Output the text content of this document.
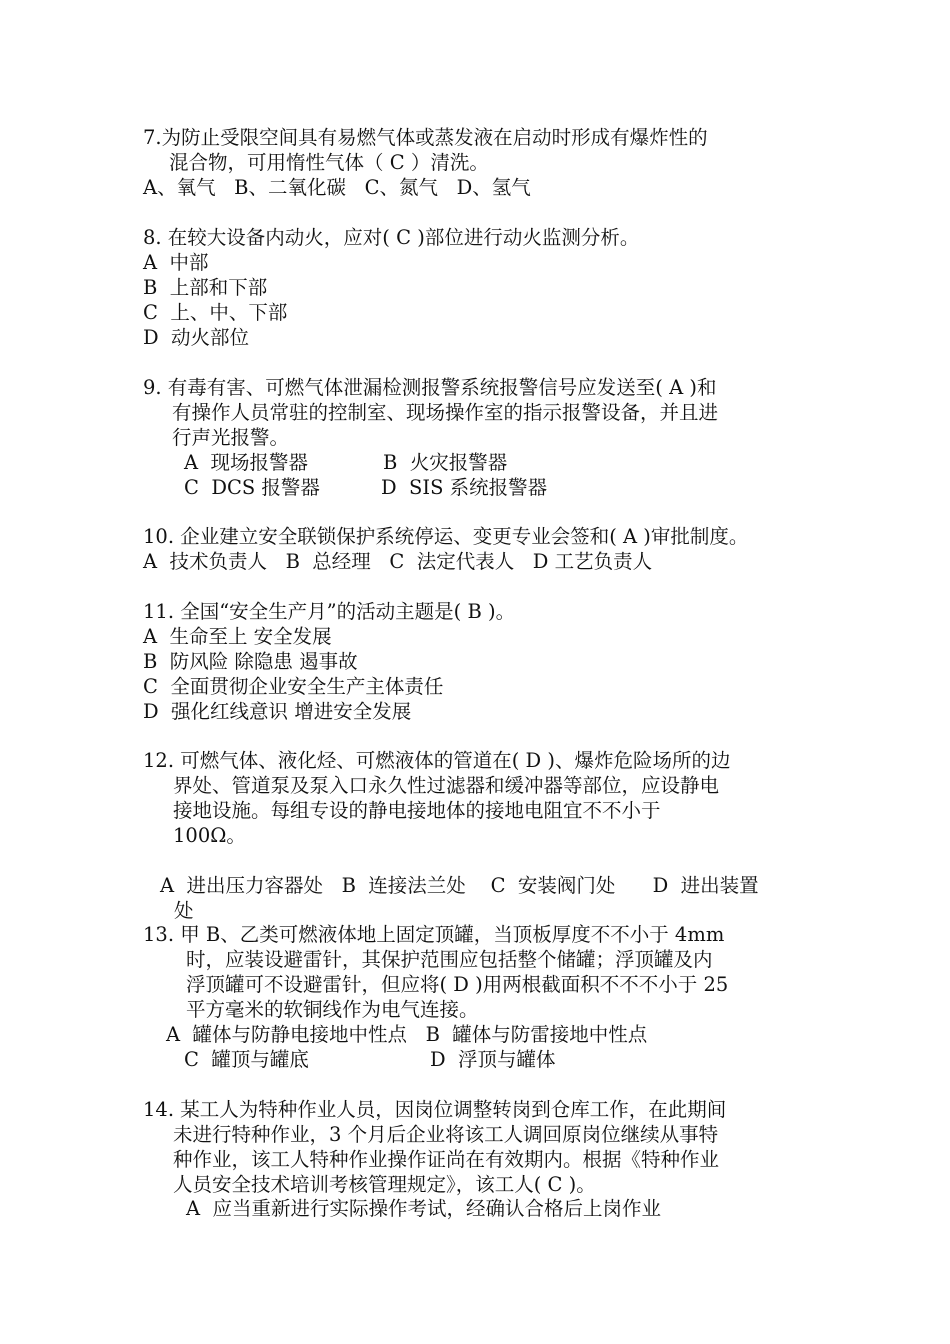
7.为防止受限空间具有易燃气体或蒸发液在启动时形成有爆炸性的
混合物，可用惰性气体（ C ）清洗。
A、氧气   B、二氧化碳   C、氮气   D、氢气
8. 在较大设备内动火，应对( C )部位进行动火监测分析。
A  中部
B  上部和下部
C  上、中、下部
D  动火部位
9. 有毒有害、可燃气体泄漏检测报警系统报警信号应发送至( A )和
有操作人员常驻的控制室、现场操作室的指示报警设备，并且进
行声光报警。
A  现场报警器	B  火灾报警器
C  DCS 报警器	D  SIS 系统报警器
10. 企业建立安全联锁保护系统停运、变更专业会签和( A )审批制度。
A  技术负责人   B  总经理   C  法定代表人   D 工艺负责人
11. 全国“安全生产月”的活动主题是( B )。
A  生命至上 安全发展
B  防风险 除隐患 遏事故
C  全面贯彻企业安全生产主体责任
D  强化红线意识 增进安全发展
12. 可燃气体、液化烃、可燃液体的管道在( D )、爆炸危险场所的边
界处、管道泵及泵入口永久性过滤器和缓冲器等部位，应设静电
接地设施。每组专设的静电接地体的接地电阻宜不不小于
100Ω。
A  进出压力容器处   B  连接法兰处    C  安装阀门处      D  进出装置
处
13. 甲 B、乙类可燃液体地上固定顶罐，当顶板厚度不不小于 4mm
时，应装设避雷针，其保护范围应包括整个储罐；浮顶罐及内
浮顶罐可不设避雷针，但应将( D )用两根截面积不不不小于 25
平方毫米的软铜线作为电气连接。
A  罐体与防静电接地中性点   B  罐体与防雷接地中性点
C  罐顶与罐底	D  浮顶与罐体
14. 某工人为特种作业人员，因岗位调整转岗到仓库工作，在此期间
未进行特种作业，3 个月后企业将该工人调回原岗位继续从事特
种作业，该工人特种作业操作证尚在有效期内。根据《特种作业
人员安全技术培训考核管理规定》，该工人( C )。
A  应当重新进行实际操作考试，经确认合格后上岗作业
